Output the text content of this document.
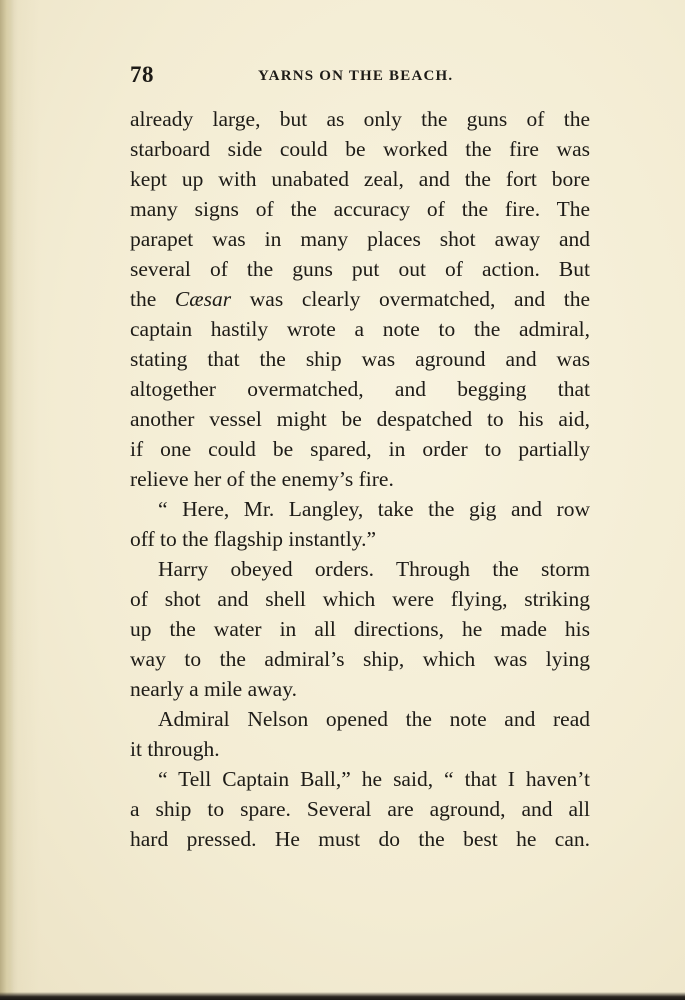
78	YARNS ON THE BEACH.
already large, but as only the guns of the
starboard side could be worked the fire was
kept up with unabated zeal, and the fort bore
many signs of the accuracy of the fire. The
parapet was in many places shot away and
several of the guns put out of action. But
the Cæsar was clearly overmatched, and the
captain hastily wrote a note to the admiral,
stating that the ship was aground and was
altogether overmatched, and begging that
another vessel might be despatched to his aid,
if one could be spared, in order to partially
relieve her of the enemy’s fire.
“ Here, Mr. Langley, take the gig and row
off to the flagship instantly.”
Harry obeyed orders. Through the storm
of shot and shell which were flying, striking
up the water in all directions, he made his
way to the admiral’s ship, which was lying
nearly a mile away.
Admiral Nelson opened the note and read
it through.
“ Tell Captain Ball,” he said, “ that I haven’t
a ship to spare. Several are aground, and all
hard pressed. He must do the best he can.
